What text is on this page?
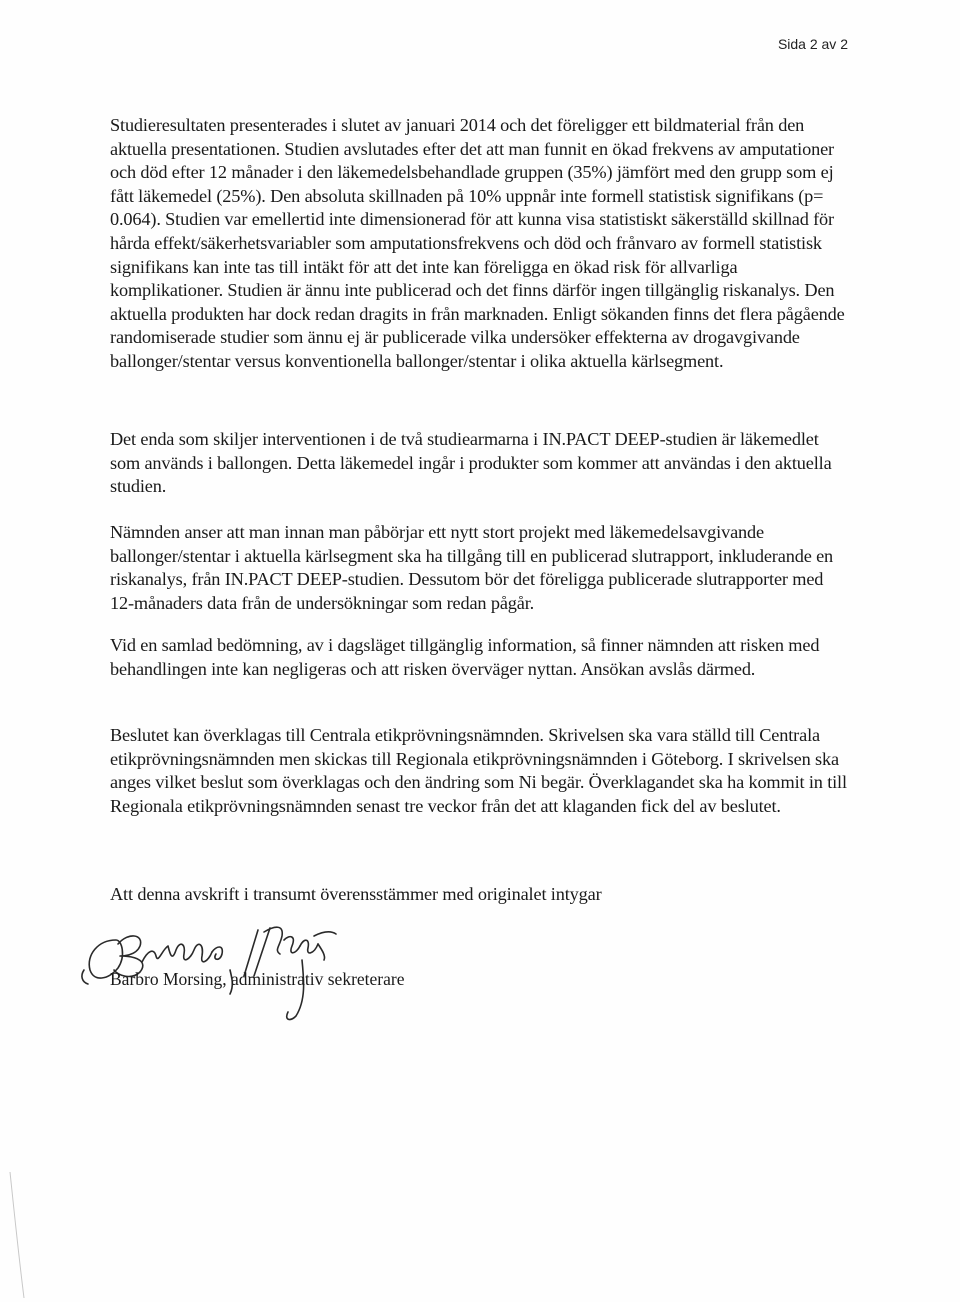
Sida 2 av 2

Studieresultaten presenterades i slutet av januari 2014 och det föreligger ett bildmaterial från den aktuella presentationen. Studien avslutades efter det att man funnit en ökad frekvens av amputationer och död efter 12 månader i den läkemedelsbehandlade gruppen (35%) jämfört med den grupp som ej fått läkemedel (25%). Den absoluta skillnaden på 10% uppnår inte formell statistisk signifikans (p= 0.064). Studien var emellertid inte dimensionerad för att kunna visa statistiskt säkerställd skillnad för hårda effekt/säkerhetsvariabler som amputationsfrekvens och död och frånvaro av formell statistisk signifikans kan inte tas till intäkt för att det inte kan föreligga en ökad risk för allvarliga komplikationer. Studien är ännu inte publicerad och det finns därför ingen tillgänglig riskanalys. Den aktuella produkten har dock redan dragits in från marknaden. Enligt sökanden finns det flera pågående randomiserade studier som ännu ej är publicerade vilka undersöker effekterna av drogavgivande ballonger/stentar versus konventionella ballonger/stentar i olika aktuella kärlsegment.

Det enda som skiljer interventionen i de två studiearmarna i IN.PACT DEEP-studien är läkemedlet som används i ballongen. Detta läkemedel ingår i produkter som kommer att användas i den aktuella studien.

Nämnden anser att man innan man påbörjar ett nytt stort projekt med läkemedelsavgivande ballonger/stentar i aktuella kärlsegment ska ha tillgång till en publicerad slutrapport, inkluderande en riskanalys, från IN.PACT DEEP-studien. Dessutom bör det föreligga publicerade slutrapporter med 12-månaders data från de undersökningar som redan pågår.

Vid en samlad bedömning, av i dagsläget tillgänglig information, så finner nämnden att risken med behandlingen inte kan negligeras och att risken överväger nyttan. Ansökan avslås därmed.

Beslutet kan överklagas till Centrala etikprövningsnämnden. Skrivelsen ska vara ställd till Centrala etikprövningsnämnden men skickas till Regionala etikprövningsnämnden i Göteborg. I skrivelsen ska anges vilket beslut som överklagas och den ändring som Ni begär. Överklagandet ska ha kommit in till Regionala etikprövningsnämnden senast tre veckor från det att klaganden fick del av beslutet.

Att denna avskrift i transumt överensstämmer med originalet intygar

Barbro Morsing, administrativ sekreterare
